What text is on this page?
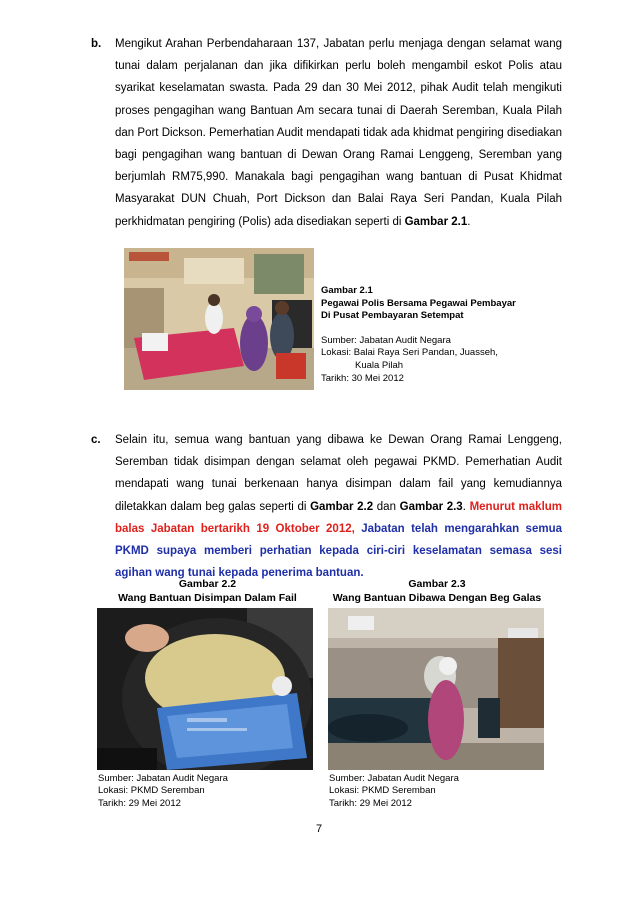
b. Mengikut Arahan Perbendaharaan 137, Jabatan perlu menjaga dengan selamat wang tunai dalam perjalanan dan jika difikirkan perlu boleh mengambil eskot Polis atau syarikat keselamatan swasta. Pada 29 dan 30 Mei 2012, pihak Audit telah mengikuti proses pengagihan wang Bantuan Am secara tunai di Daerah Seremban, Kuala Pilah dan Port Dickson. Pemerhatian Audit mendapati tidak ada khidmat pengiring disediakan bagi pengagihan wang bantuan di Dewan Orang Ramai Lenggeng, Seremban yang berjumlah RM75,990. Manakala bagi pengagihan wang bantuan di Pusat Khidmat Masyarakat DUN Chuah, Port Dickson dan Balai Raya Seri Pandan, Kuala Pilah perkhidmatan pengiring (Polis) ada disediakan seperti di Gambar 2.1.

Gambar 2.1
Pegawai Polis Bersama Pegawai Pembayar
Di Pusat Pembayaran Setempat
Sumber: Jabatan Audit Negara
Lokasi: Balai Raya Seri Pandan, Juasseh,
Kuala Pilah
Tarikh: 30 Mei 2012
c. Selain itu, semua wang bantuan yang dibawa ke Dewan Orang Ramai Lenggeng, Seremban tidak disimpan dengan selamat oleh pegawai PKMD. Pemerhatian Audit mendapati wang tunai berkenaan hanya disimpan dalam fail yang kemudiannya diletakkan dalam beg galas seperti di Gambar 2.2 dan Gambar 2.3. Menurut maklum balas Jabatan bertarikh 19 Oktober 2012, Jabatan telah mengarahkan semua PKMD supaya memberi perhatian kepada ciri-ciri keselamatan semasa sesi agihan wang tunai kepada penerima bantuan.

Gambar 2.2
Wang Bantuan Disimpan Dalam Fail
Gambar 2.3
Wang Bantuan Dibawa Dengan Beg Galas
Sumber: Jabatan Audit Negara
Lokasi: PKMD Seremban
Tarikh: 29 Mei 2012
Sumber: Jabatan Audit Negara
Lokasi: PKMD Seremban
Tarikh: 29 Mei 2012
7
